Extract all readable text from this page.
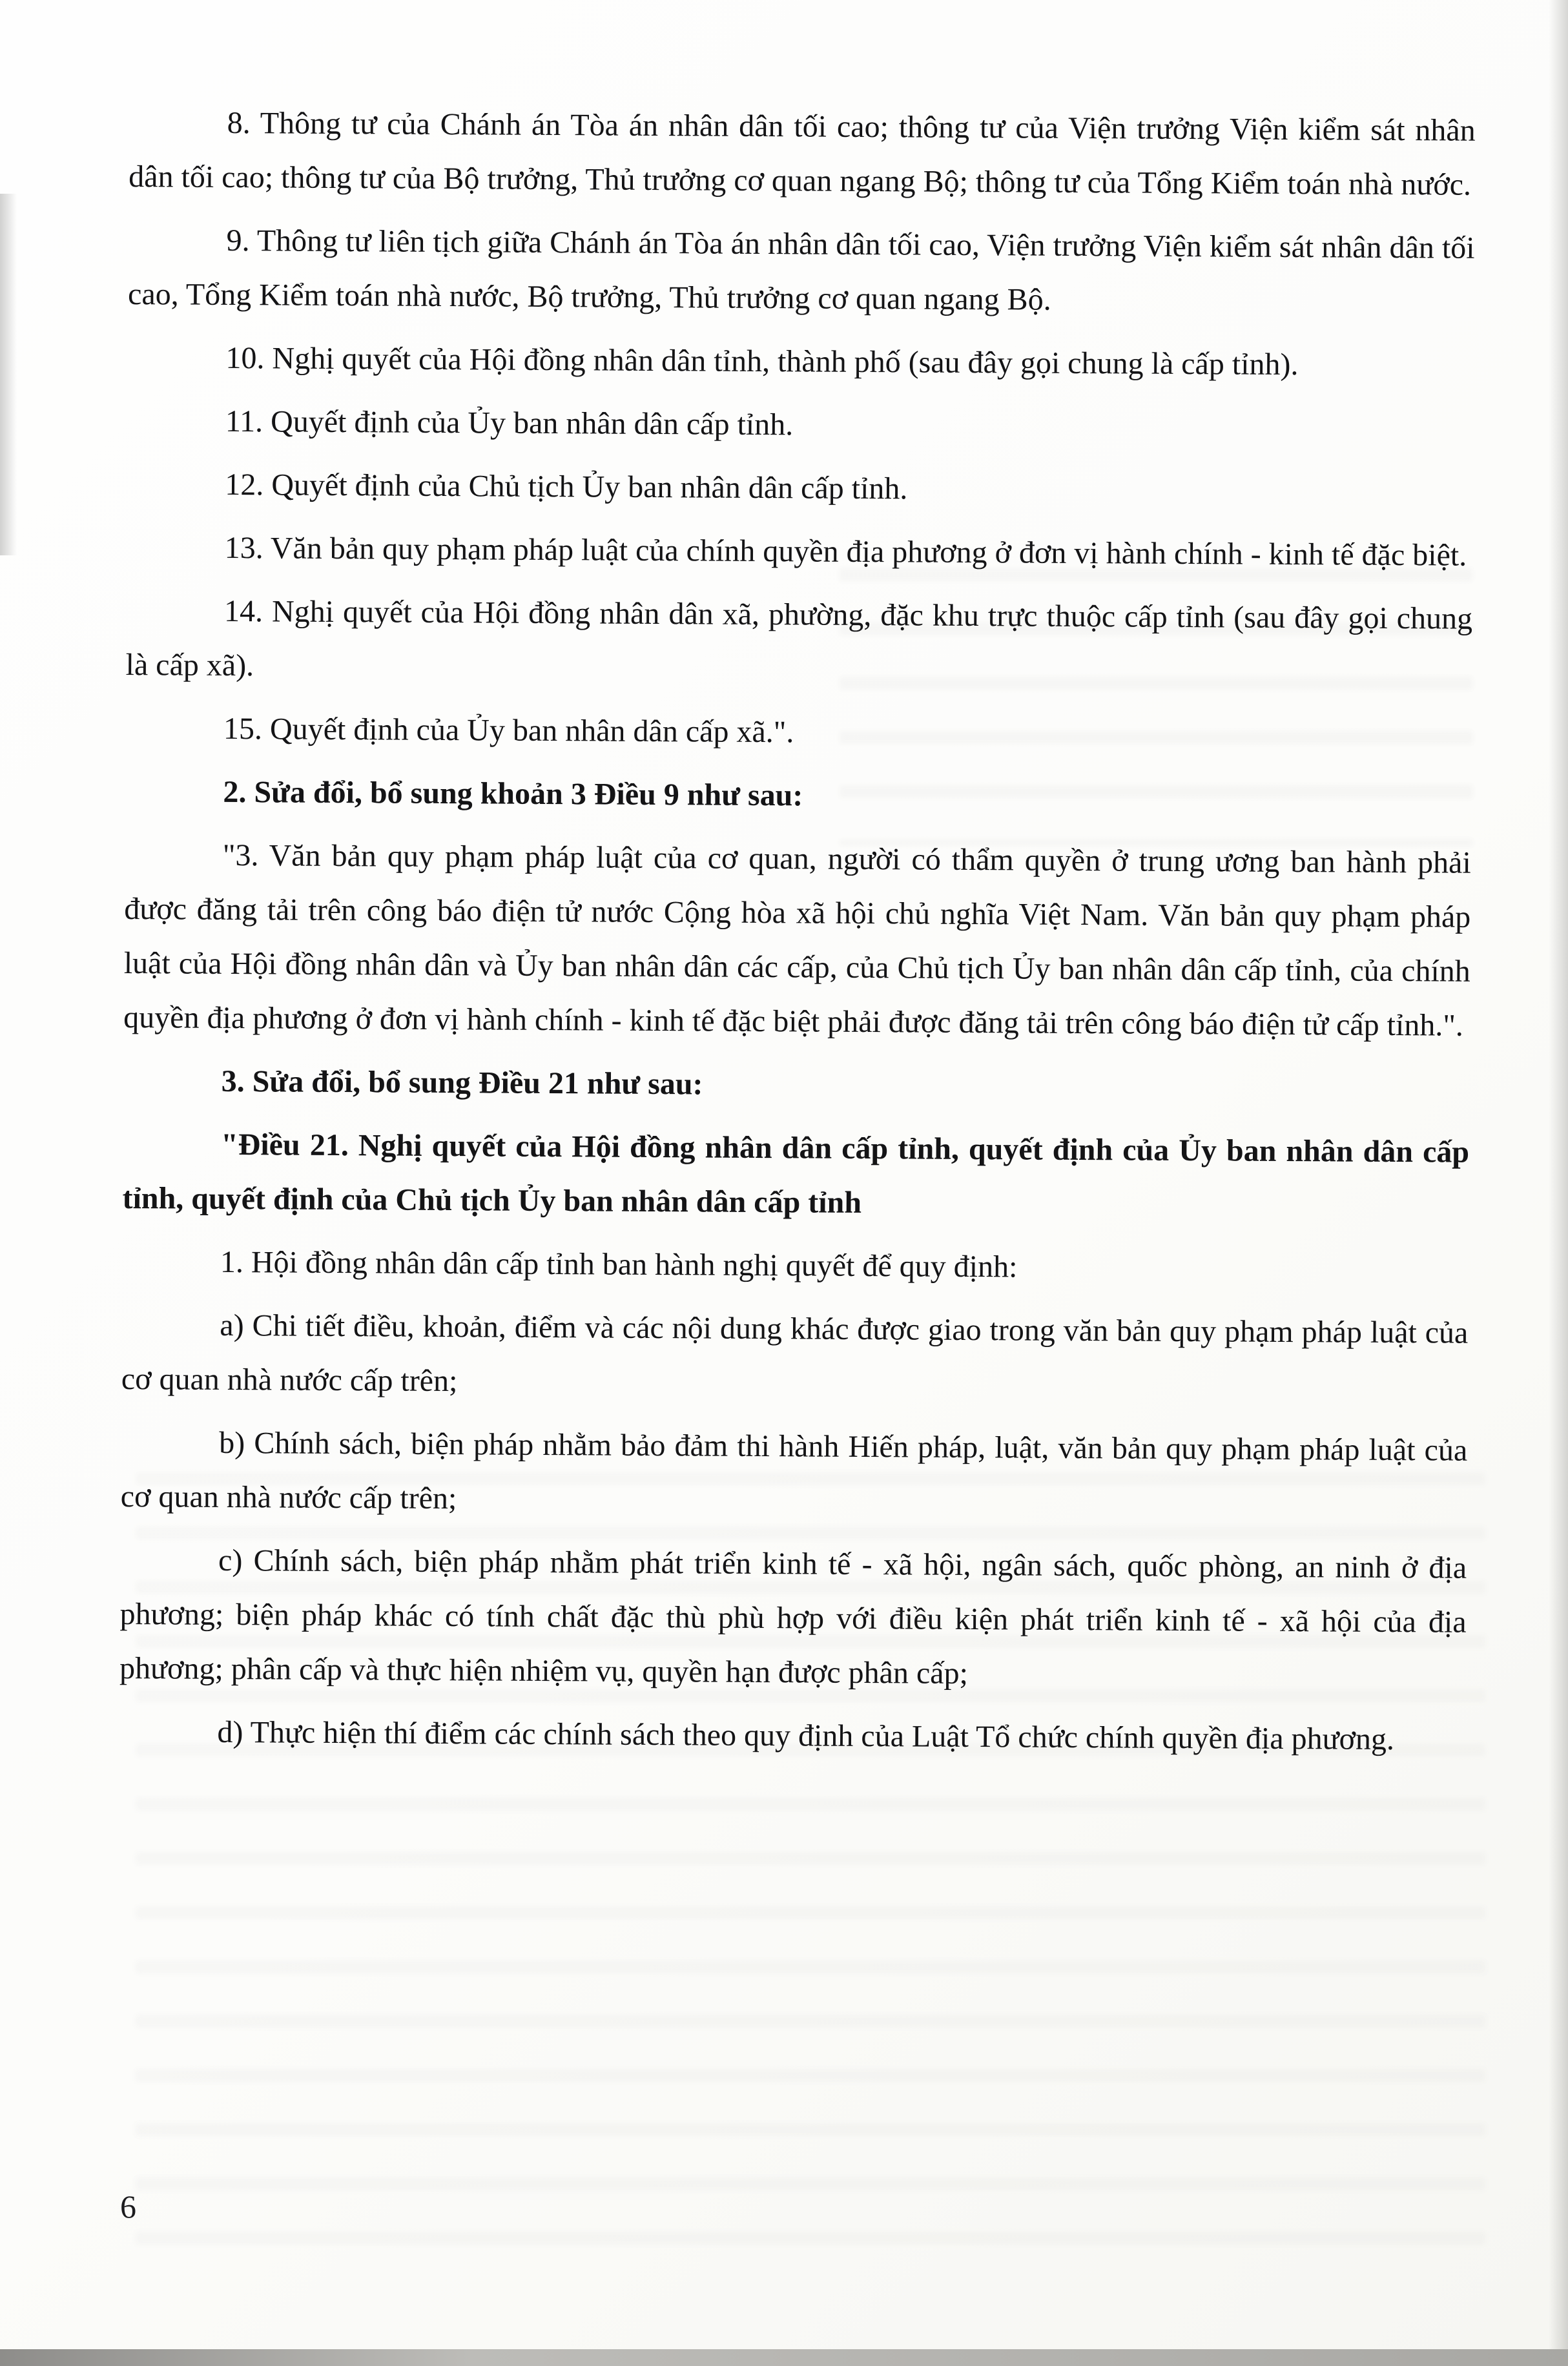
8. Thông tư của Chánh án Tòa án nhân dân tối cao; thông tư của Viện trưởng Viện kiểm sát nhân dân tối cao; thông tư của Bộ trưởng, Thủ trưởng cơ quan ngang Bộ; thông tư của Tổng Kiểm toán nhà nước.

9. Thông tư liên tịch giữa Chánh án Tòa án nhân dân tối cao, Viện trưởng Viện kiểm sát nhân dân tối cao, Tổng Kiểm toán nhà nước, Bộ trưởng, Thủ trưởng cơ quan ngang Bộ.

10. Nghị quyết của Hội đồng nhân dân tỉnh, thành phố (sau đây gọi chung là cấp tỉnh).

11. Quyết định của Ủy ban nhân dân cấp tỉnh.

12. Quyết định của Chủ tịch Ủy ban nhân dân cấp tỉnh.

13. Văn bản quy phạm pháp luật của chính quyền địa phương ở đơn vị hành chính - kinh tế đặc biệt.

14. Nghị quyết của Hội đồng nhân dân xã, phường, đặc khu trực thuộc cấp tỉnh (sau đây gọi chung là cấp xã).

15. Quyết định của Ủy ban nhân dân cấp xã.".

2. Sửa đổi, bổ sung khoản 3 Điều 9 như sau:

"3. Văn bản quy phạm pháp luật của cơ quan, người có thẩm quyền ở trung ương ban hành phải được đăng tải trên công báo điện tử nước Cộng hòa xã hội chủ nghĩa Việt Nam. Văn bản quy phạm pháp luật của Hội đồng nhân dân và Ủy ban nhân dân các cấp, của Chủ tịch Ủy ban nhân dân cấp tỉnh, của chính quyền địa phương ở đơn vị hành chính - kinh tế đặc biệt phải được đăng tải trên công báo điện tử cấp tỉnh.".

3. Sửa đổi, bổ sung Điều 21 như sau:

"Điều 21. Nghị quyết của Hội đồng nhân dân cấp tỉnh, quyết định của Ủy ban nhân dân cấp tỉnh, quyết định của Chủ tịch Ủy ban nhân dân cấp tỉnh

1. Hội đồng nhân dân cấp tỉnh ban hành nghị quyết để quy định:

a) Chi tiết điều, khoản, điểm và các nội dung khác được giao trong văn bản quy phạm pháp luật của cơ quan nhà nước cấp trên;

b) Chính sách, biện pháp nhằm bảo đảm thi hành Hiến pháp, luật, văn bản quy phạm pháp luật của cơ quan nhà nước cấp trên;

c) Chính sách, biện pháp nhằm phát triển kinh tế - xã hội, ngân sách, quốc phòng, an ninh ở địa phương; biện pháp khác có tính chất đặc thù phù hợp với điều kiện phát triển kinh tế - xã hội của địa phương; phân cấp và thực hiện nhiệm vụ, quyền hạn được phân cấp;

d) Thực hiện thí điểm các chính sách theo quy định của Luật Tổ chức chính quyền địa phương.

6
